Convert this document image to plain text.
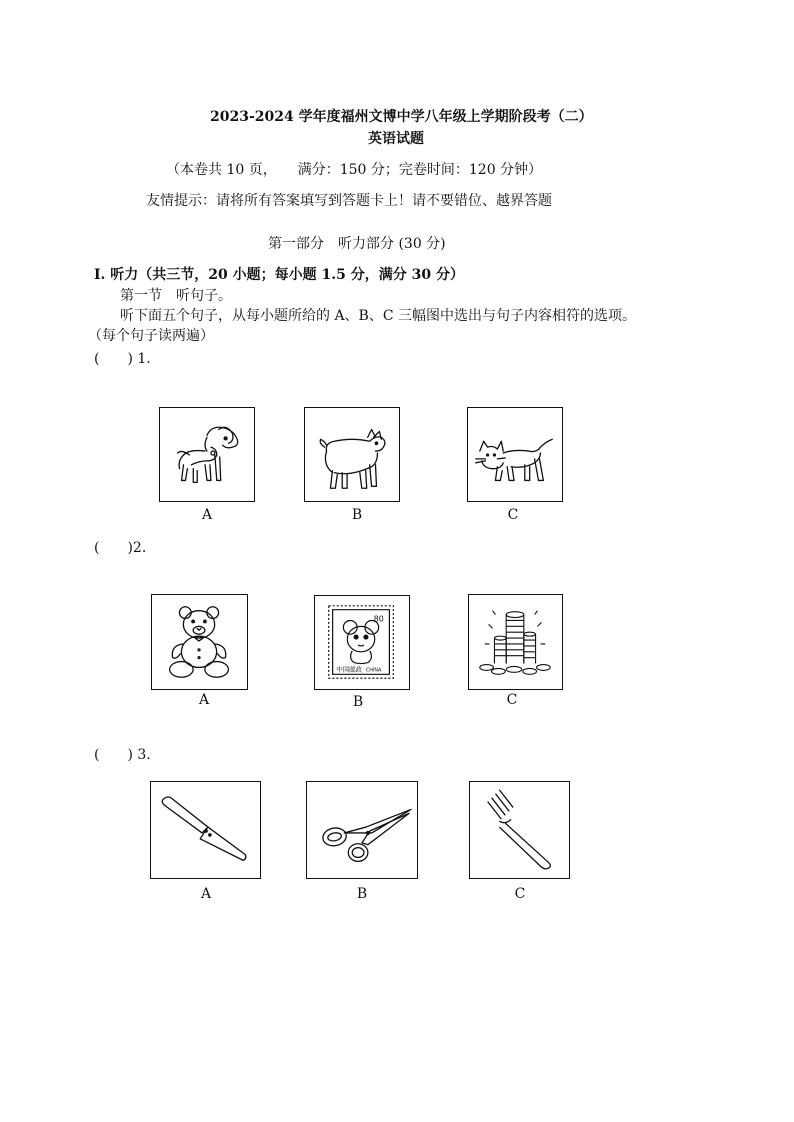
2023-2024 学年度福州文博中学八年级上学期阶段考（二）
英语试题
（本卷共 10 页，　　满分：150 分；完卷时间：120 分钟）
友情提示：请将所有答案填写到答题卡上！请不要错位、越界答题
第一部分　听力部分 (30 分)
I. 听力（共三节，20 小题；每小题 1.5 分，满分 30 分）
第一节　听句子。
听下面五个句子，从每小题所给的 A、B、C 三幅图中选出与句子内容相符的选项。
（每个句子读两遍）
(　　) 1.
A	B	C
(　　)2.
A
80
中国邮政 CHINA
B	C
(　　) 3.
A	B	C
